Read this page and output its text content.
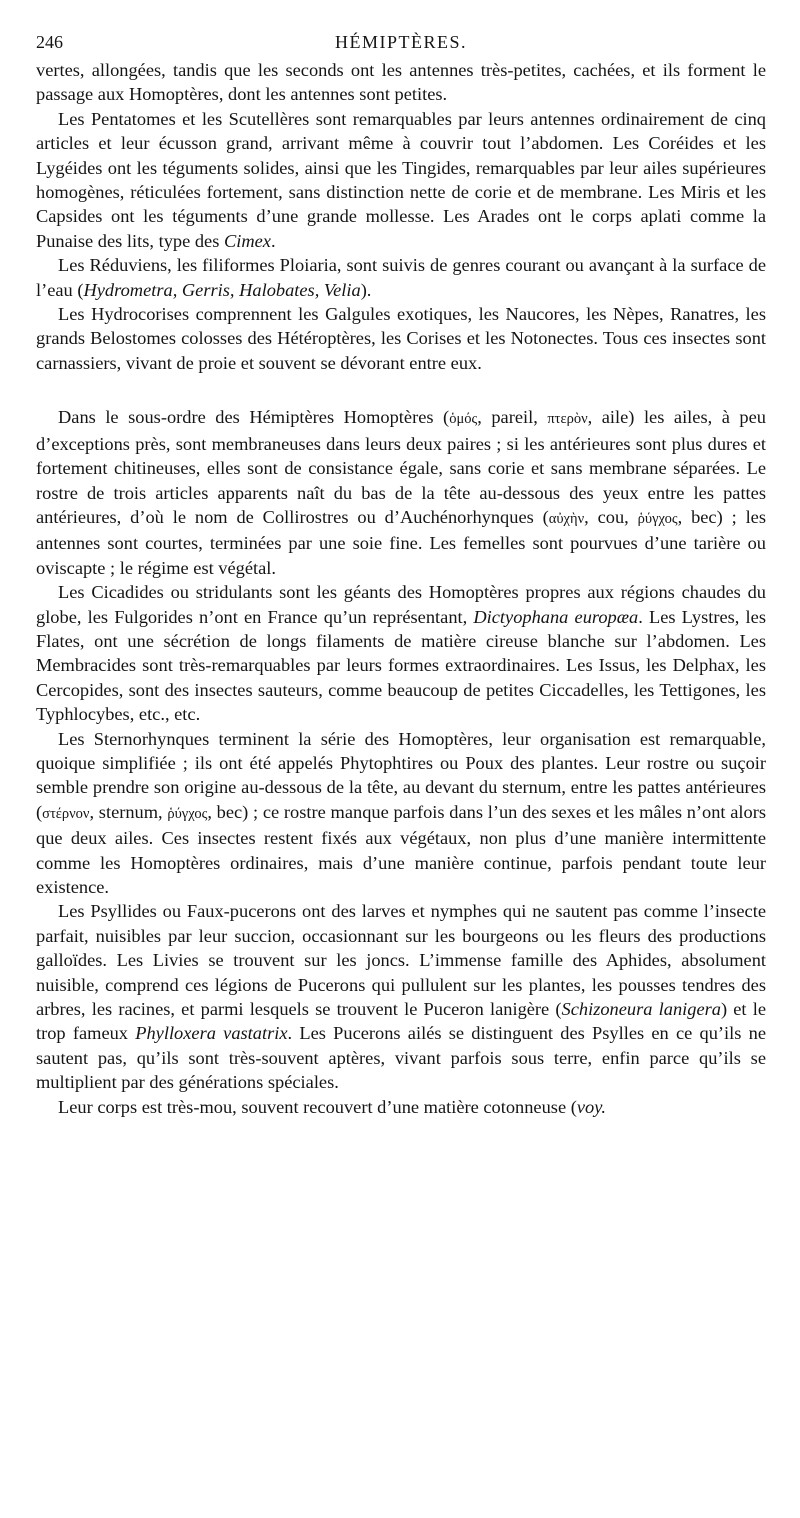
246	HÉMIPTÈRES.

vertes, allongées, tandis que les seconds ont les antennes très-petites, cachées, et ils forment le passage aux Homoptères, dont les antennes sont petites.

Les Pentatomes et les Scutellères sont remarquables par leurs antennes ordinairement de cinq articles et leur écusson grand, arrivant même à couvrir tout l’abdomen. Les Coréides et les Lygéides ont les téguments solides, ainsi que les Tingides, remarquables par leur ailes supérieures homogènes, réticulées fortement, sans distinction nette de corie et de membrane. Les Miris et les Capsides ont les téguments d’une grande mollesse. Les Arades ont le corps aplati comme la Punaise des lits, type des Cimex.

Les Réduviens, les filiformes Ploiaria, sont suivis de genres courant ou avançant à la surface de l’eau (Hydrometra, Gerris, Halobates, Velia).

Les Hydrocorises comprennent les Galgules exotiques, les Naucores, les Nèpes, Ranatres, les grands Belostomes colosses des Hétéroptères, les Corises et les Notonectes. Tous ces insectes sont carnassiers, vivant de proie et souvent se dévorant entre eux.

Dans le sous-ordre des Hémiptères Homoptères (ὁμός, pareil, πτερὸν, aile) les ailes, à peu d’exceptions près, sont membraneuses dans leurs deux paires ; si les antérieures sont plus dures et fortement chitineuses, elles sont de consistance égale, sans corie et sans membrane séparées. Le rostre de trois articles apparents naît du bas de la tête au-dessous des yeux entre les pattes antérieures, d’où le nom de Collirostres ou d’Auchénorhynques (αὐχὴν, cou, ῥύγχος, bec) ; les antennes sont courtes, terminées par une soie fine. Les femelles sont pourvues d’une tarière ou oviscapte ; le régime est végétal.

Les Cicadides ou stridulants sont les géants des Homoptères propres aux régions chaudes du globe, les Fulgorides n’ont en France qu’un représentant, Dictyophana europæa. Les Lystres, les Flates, ont une sécrétion de longs filaments de matière cireuse blanche sur l’abdomen. Les Membracides sont très-remarquables par leurs formes extraordinaires. Les Issus, les Delphax, les Cercopides, sont des insectes sauteurs, comme beaucoup de petites Ciccadelles, les Tettigones, les Typhlocybes, etc., etc.

Les Sternorhynques terminent la série des Homoptères, leur organisation est remarquable, quoique simplifiée ; ils ont été appelés Phytophtires ou Poux des plantes. Leur rostre ou suçoir semble prendre son origine au-dessous de la tête, au devant du sternum, entre les pattes antérieures (στέρνον, sternum, ῥύγχος, bec) ; ce rostre manque parfois dans l’un des sexes et les mâles n’ont alors que deux ailes. Ces insectes restent fixés aux végétaux, non plus d’une manière intermittente comme les Homoptères ordinaires, mais d’une manière continue, parfois pendant toute leur existence.

Les Psyllides ou Faux-pucerons ont des larves et nymphes qui ne sautent pas comme l’insecte parfait, nuisibles par leur succion, occasionnant sur les bourgeons ou les fleurs des productions galloïdes. Les Livies se trouvent sur les joncs. L’immense famille des Aphides, absolument nuisible, comprend ces légions de Pucerons qui pullulent sur les plantes, les pousses tendres des arbres, les racines, et parmi lesquels se trouvent le Puceron lanigère (Schizoneura lanigera) et le trop fameux Phylloxera vastatrix. Les Pucerons ailés se distinguent des Psylles en ce qu’ils ne sautent pas, qu’ils sont très-souvent aptères, vivant parfois sous terre, enfin parce qu’ils se multiplient par des générations spéciales.

Leur corps est très-mou, souvent recouvert d’une matière cotonneuse (voy.
